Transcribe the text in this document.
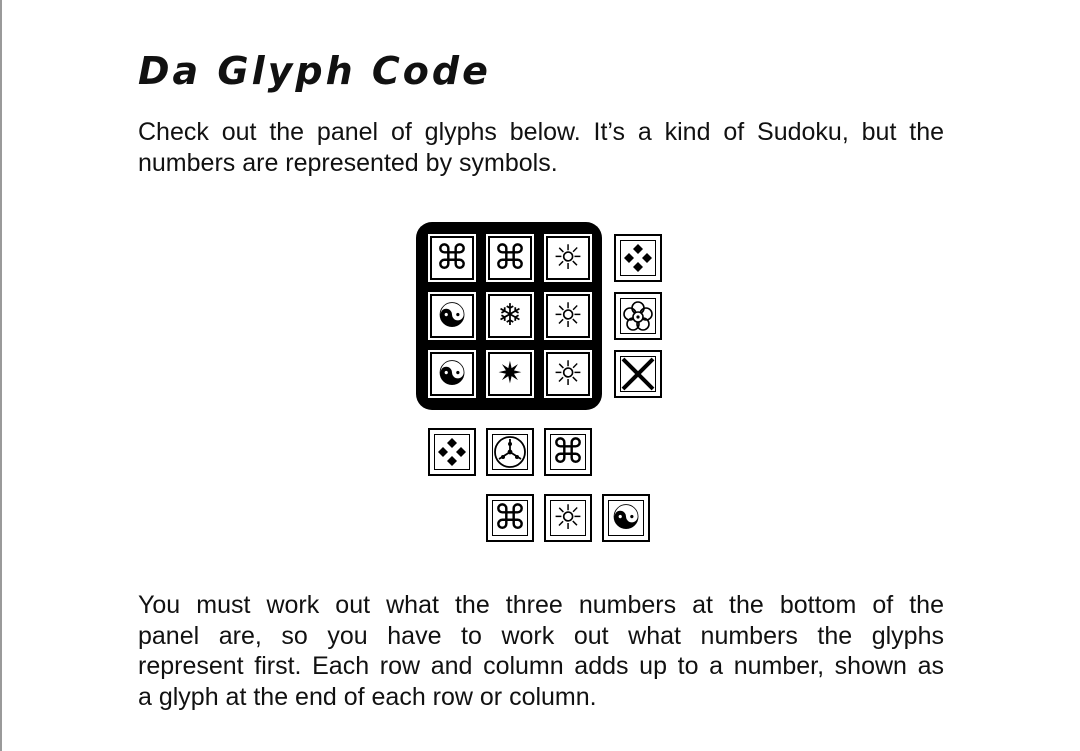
Da Glyph Code

Check out the panel of glyphs below. It’s a kind of Sudoku, but the
numbers are represented by symbols.

⌘ ⌘ ☼
☯ ❄ ☼
☯ ✷ ☼
⌘
⌘ ☼ ☯

You must work out what the three numbers at the bottom of the
panel are, so you have to work out what numbers the glyphs
represent first. Each row and column adds up to a number, shown as
a glyph at the end of each row or column.
